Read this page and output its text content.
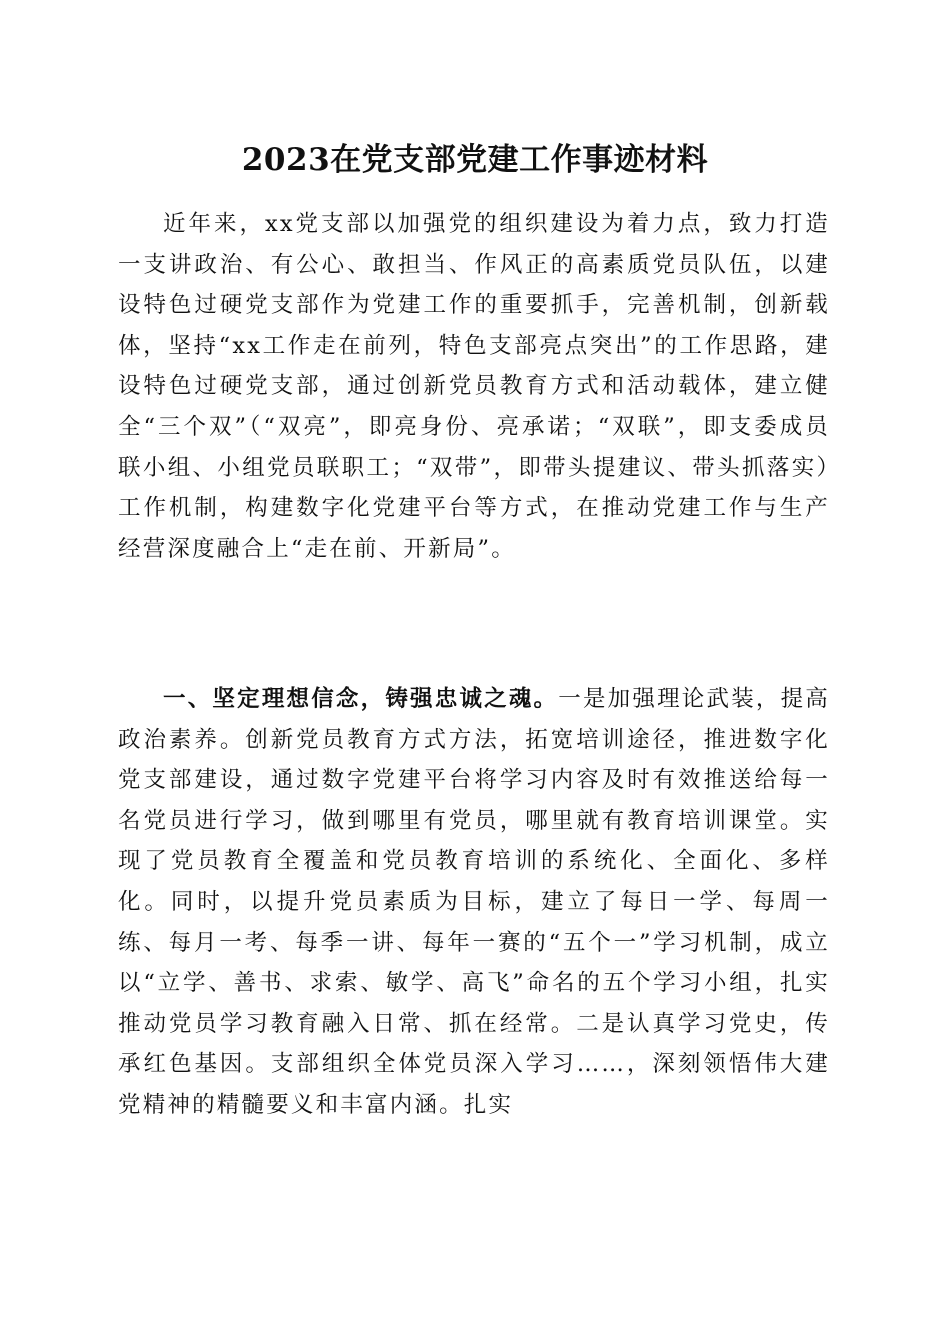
2023在党支部党建工作事迹材料

近年来，xx党支部以加强党的组织建设为着力点，致力打造一支讲政治、有公心、敢担当、作风正的高素质党员队伍，以建设特色过硬党支部作为党建工作的重要抓手，完善机制，创新载体，坚持“xx工作走在前列，特色支部亮点突出”的工作思路，建设特色过硬党支部，通过创新党员教育方式和活动载体，建立健全“三个双”（“双亮”，即亮身份、亮承诺；“双联”，即支委成员联小组、小组党员联职工；“双带”，即带头提建议、带头抓落实）工作机制，构建数字化党建平台等方式，在推动党建工作与生产经营深度融合上“走在前、开新局”。

一、坚定理想信念，铸强忠诚之魂。一是加强理论武装，提高政治素养。创新党员教育方式方法，拓宽培训途径，推进数字化党支部建设，通过数字党建平台将学习内容及时有效推送给每一名党员进行学习，做到哪里有党员，哪里就有教育培训课堂。实现了党员教育全覆盖和党员教育培训的系统化、全面化、多样化。同时，以提升党员素质为目标，建立了每日一学、每周一练、每月一考、每季一讲、每年一赛的“五个一”学习机制，成立以“立学、善书、求索、敏学、高飞”命名的五个学习小组，扎实推动党员学习教育融入日常、抓在经常。二是认真学习党史，传承红色基因。支部组织全体党员深入学习……，深刻领悟伟大建党精神的精髓要义和丰富内涵。扎实
